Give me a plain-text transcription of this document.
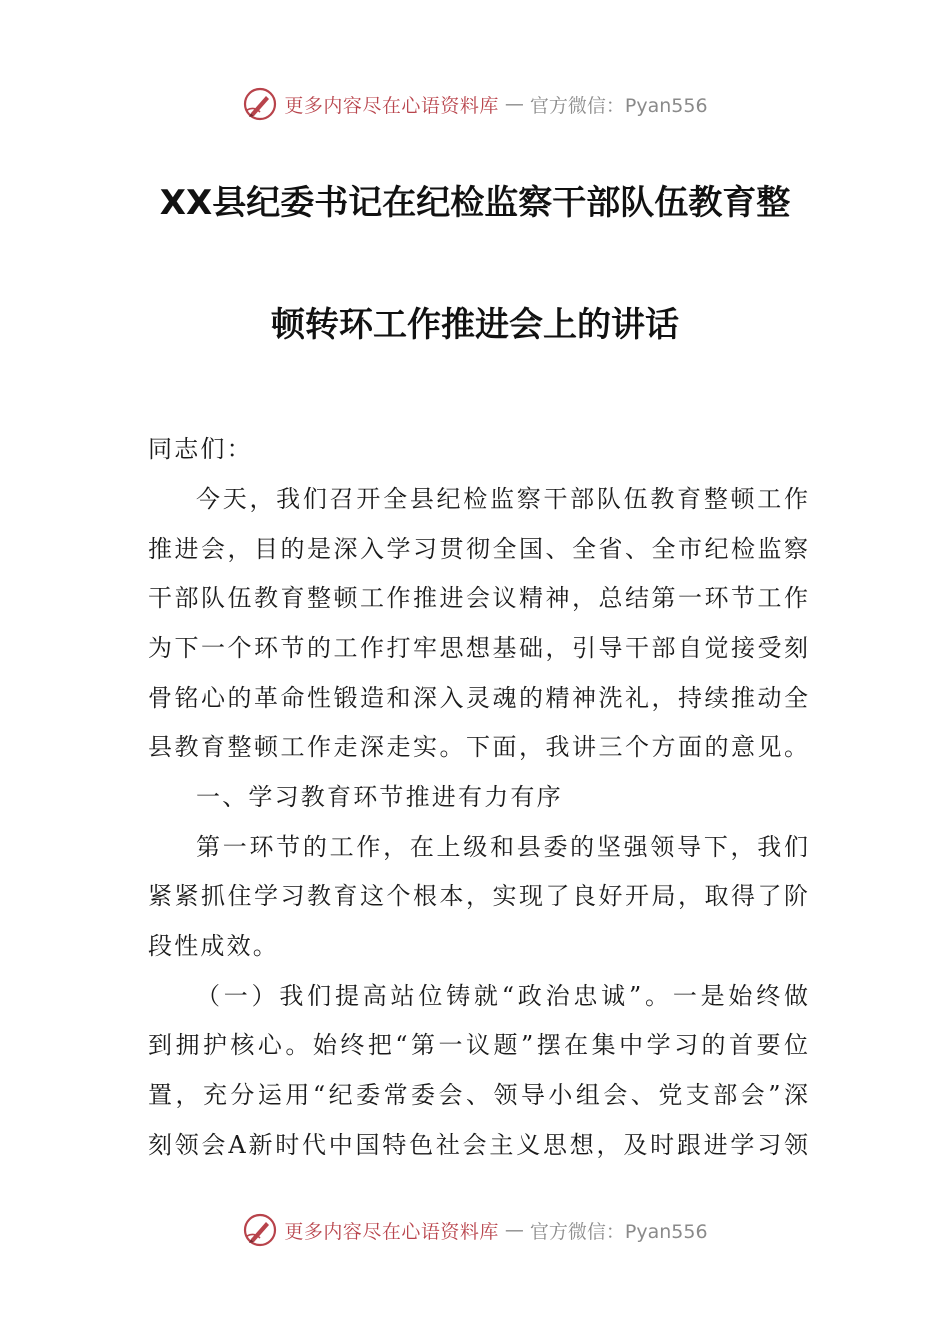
更多内容尽在心语资料库 — 官方微信：Pyan556
XX县纪委书记在纪检监察干部队伍教育整
顿转环工作推进会上的讲话

同志们：

今天，我们召开全县纪检监察干部队伍教育整顿工作

推进会，目的是深入学习贯彻全国、全省、全市纪检监察

干部队伍教育整顿工作推进会议精神，总结第一环节工作

为下一个环节的工作打牢思想基础，引导干部自觉接受刻

骨铭心的革命性锻造和深入灵魂的精神洗礼，持续推动全

县教育整顿工作走深走实。下面，我讲三个方面的意见。

一、学习教育环节推进有力有序

第一环节的工作，在上级和县委的坚强领导下，我们

紧紧抓住学习教育这个根本，实现了良好开局，取得了阶

段性成效。

（一）我们提高站位铸就“政治忠诚”。一是始终做

到拥护核心。始终把“第一议题”摆在集中学习的首要位

置，充分运用“纪委常委会、领导小组会、党支部会”深

刻领会A新时代中国特色社会主义思想，及时跟进学习领

更多内容尽在心语资料库 — 官方微信：Pyan556
